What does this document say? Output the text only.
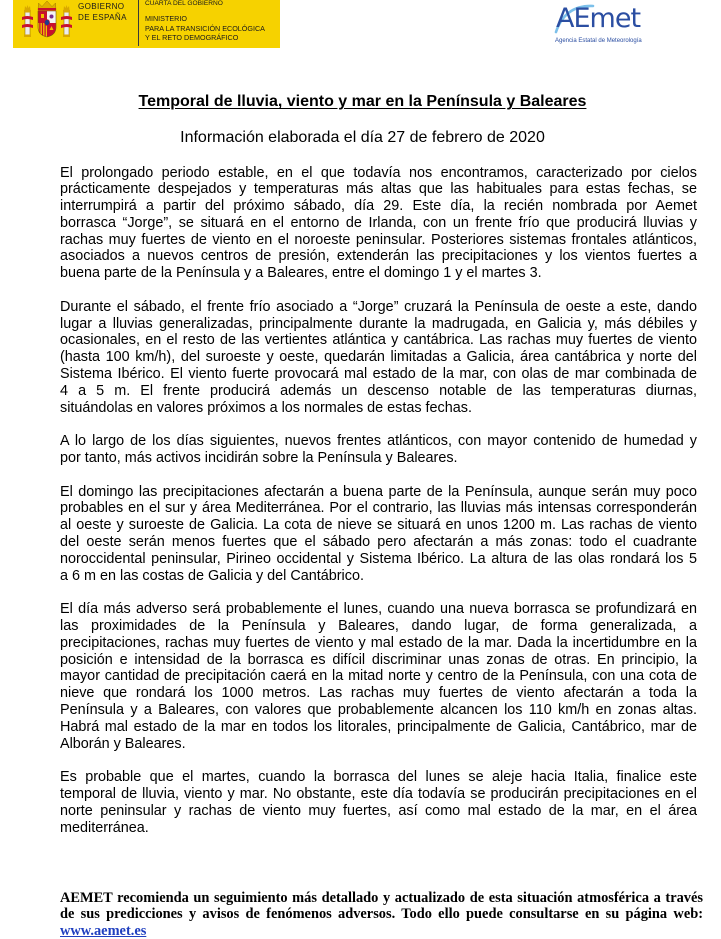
GOBIERNO
DE ESPAÑA
CUARTA DEL GOBIERNO
MINISTERIO
PARA LA TRANSICIÓN ECOLÓGICA
Y EL RETO DEMOGRÁFICO
AEmet
Agencia Estatal de Meteorología
Temporal de lluvia, viento y mar en la Península y Baleares
Información elaborada el día 27 de febrero de 2020
El prolongado periodo estable, en el que todavía nos encontramos, caracterizado por cielos
prácticamente despejados y temperaturas más altas que las habituales para estas fechas, se
interrumpirá a partir del próximo sábado, día 29. Este día, la recién nombrada por Aemet
borrasca “Jorge”, se situará en el entorno de Irlanda, con un frente frío que producirá lluvias y
rachas muy fuertes de viento en el noroeste peninsular. Posteriores sistemas frontales atlánticos,
asociados a nuevos centros de presión, extenderán las precipitaciones y los vientos fuertes a
buena parte de la Península y a Baleares, entre el domingo 1 y el martes 3.
Durante el sábado, el frente frío asociado a “Jorge” cruzará la Península de oeste a este, dando
lugar a lluvias generalizadas, principalmente durante la madrugada, en Galicia y, más débiles y
ocasionales, en el resto de las vertientes atlántica y cantábrica. Las rachas muy fuertes de viento
(hasta 100 km/h), del suroeste y oeste, quedarán limitadas a Galicia, área cantábrica y norte del
Sistema Ibérico. El viento fuerte provocará mal estado de la mar, con olas de mar combinada de
4 a 5 m. El frente producirá además un descenso notable de las temperaturas diurnas,
situándolas en valores próximos a los normales de estas fechas.
A lo largo de los días siguientes, nuevos frentes atlánticos, con mayor contenido de humedad y
por tanto, más activos incidirán sobre la Península y Baleares.
El domingo las precipitaciones afectarán a buena parte de la Península, aunque serán muy poco
probables en el sur y área Mediterránea. Por el contrario, las lluvias más intensas corresponderán
al oeste y suroeste de Galicia. La cota de nieve se situará en unos 1200 m. Las rachas de viento
del oeste serán menos fuertes que el sábado pero afectarán a más zonas: todo el cuadrante
noroccidental peninsular, Pirineo occidental y Sistema Ibérico. La altura de las olas rondará los 5
a 6 m en las costas de Galicia y del Cantábrico.
El día más adverso será probablemente el lunes, cuando una nueva borrasca se profundizará en
las proximidades de la Península y Baleares, dando lugar, de forma generalizada, a
precipitaciones, rachas muy fuertes de viento y mal estado de la mar. Dada la incertidumbre en la
posición e intensidad de la borrasca es difícil discriminar unas zonas de otras. En principio, la
mayor cantidad de precipitación caerá en la mitad norte y centro de la Península, con una cota de
nieve que rondará los 1000 metros. Las rachas muy fuertes de viento afectarán a toda la
Península y a Baleares, con valores que probablemente alcancen los 110 km/h en zonas altas.
Habrá mal estado de la mar en todos los litorales, principalmente de Galicia, Cantábrico, mar de
Alborán y Baleares.
Es probable que el martes, cuando la borrasca del lunes se aleje hacia Italia, finalice este
temporal de lluvia, viento y mar. No obstante, este día todavía se producirán precipitaciones en el
norte peninsular y rachas de viento muy fuertes, así como mal estado de la mar, en el área
mediterránea.
AEMET recomienda un seguimiento más detallado y actualizado de esta situación atmosférica a través
de sus predicciones y avisos de fenómenos adversos. Todo ello puede consultarse en su página web:
www.aemet.es
